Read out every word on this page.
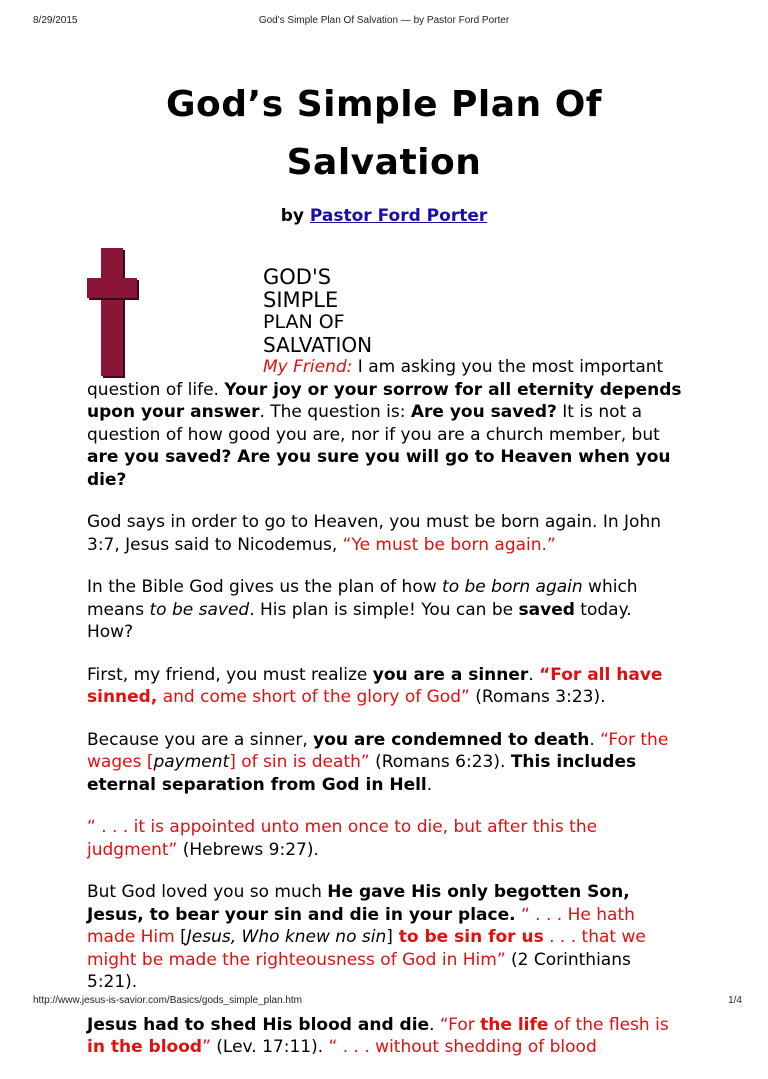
8/29/2015	God's Simple Plan Of Salvation — by Pastor Ford Porter
God’s Simple Plan Of
Salvation
by Pastor Ford Porter

GOD'S
SIMPLE
PLAN OF
SALVATION
My Friend: I am asking you the most important question of life. Your joy or your sorrow for all eternity depends upon your answer. The question is: Are you saved? It is not a question of how good you are, nor if you are a church member, but are you saved? Are you sure you will go to Heaven when you die?

God says in order to go to Heaven, you must be born again. In John 3:7, Jesus said to Nicodemus, “Ye must be born again.”

In the Bible God gives us the plan of how to be born again which means to be saved. His plan is simple! You can be saved today. How?

First, my friend, you must realize you are a sinner. “For all have sinned, and come short of the glory of God” (Romans 3:23).

Because you are a sinner, you are condemned to death. “For the wages [payment] of sin is death” (Romans 6:23). This includes eternal separation from God in Hell.

“ . . . it is appointed unto men once to die, but after this the judgment” (Hebrews 9:27).

But God loved you so much He gave His only begotten Son, Jesus, to bear your sin and die in your place. “ . . . He hath made Him [Jesus, Who knew no sin] to be sin for us . . . that we might be made the righteousness of God in Him” (2 Corinthians 5:21).

Jesus had to shed His blood and die. “For the life of the flesh is in the blood” (Lev. 17:11). “ . . . without shedding of blood

http://www.jesus-is-savior.com/Basics/gods_simple_plan.htm	1/4
